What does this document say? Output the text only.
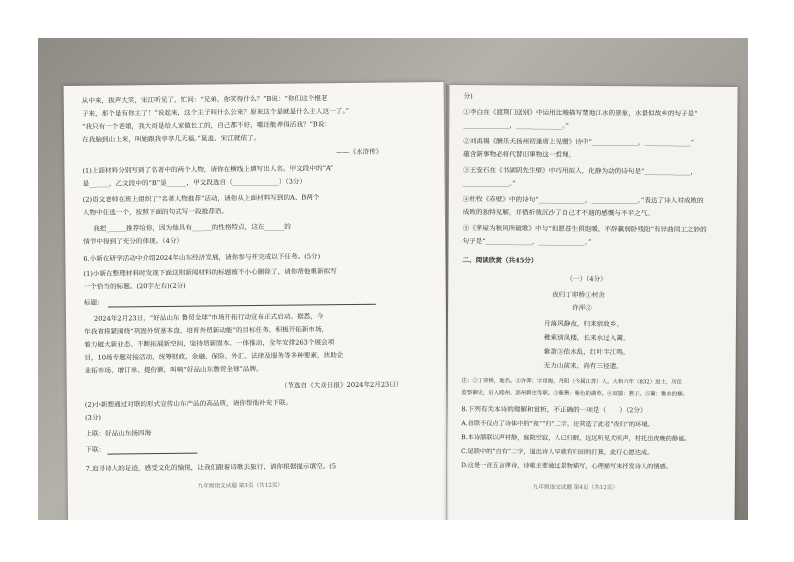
从中来，拔声大笑，宋江听见了，忙问：“兄弟，你笑得什么？”B说：“你们这个棍老
子来，那个是有你主了！”说起来，这个主子叫什么公来？原来这个是就是什么主人这一了。”
“我只有一个老娘，我大哥是给人家做长工的，自己都不好，哪还能养得活我？”B说：
在我脑到山上来，叫她跟我享享几天福。”晁盖、宋江就依了。
——《水浒传》
(1)上面材料分别写到了名著中的两个人物，请你在横线上填写出人名。甲文段中的“A”
是______，乙文段中的“B”是______，甲文段选自（______________）（3分）
(2)语文老师在班上组织了“名著人物推荐”活动，请你从上面材料写到的A、B两个
人物中任选一个，按照下面的句式写一段推荐语。
我把______推荐给你，因为他具有______的性格特点，这在______的
情节中得到了充分的体现。（4分）
6.小新在研学活动中介绍2024年山东经济发展，请你参与并完成以下任务。(5分)
(1)小新在整理材料时发现下面这则新闻材料的标题被不小心删除了，请你帮他重新拟写
一个恰当的标题。(20字左右)(2分)
标题：
2024年2月23日，“好品山东 鲁贸全球”市场开拓行动宣布正式启动。据悉，今
年我省将紧围绕“巩固外贸基本盘、培育外贸新动能”的目标任务，积极开拓新市场，
着力破大新业态、不断拓展新空间，坚持培新固本、一体推动，全年安排263个展会项
目，10场专题对接活动，统筹财政、金融、保险、外汇、法律及服务等多种要素，扶助企
业拓市场、增订单、提份额，叫响“好品山东鲁贸全球”品牌。
（节选自《大众日报》2024年2月23日）
(2)小新想通过对联的形式宣传山东产品的高品质，请你帮他补充下联。
(3分)
上联：好品山东扬四海
下联：
7.追寻诗人的足迹，感受文化的愉悦，让我们跟着诗歌去旅行，请你根据提示填空。(5
九年级语文试题 第3页（共12页）
分)
①李白在《渡荆门送别》中运用比喻描写楚地江水的景象，水景似故乡的句子是“
______________，______________。”
②刘禹锡《酬乐天扬州初逢席上见赠》诗中“______________，______________”
蕴含新事物必将代替旧事物这一哲理。
③王安石在《书湖阴先生壁》中巧用拟人，化静为动的诗句是“______________，
______________。”
④杜牧《赤壁》中的诗句“______________，______________。”表达了诗人对成败的
成败的独特见解，并借折戟沉沙了自己才不遇的感慨与不平之气。
⑤《茅屋为秋风所破歌》中与“但愿苍生俱饱暖，不辞羸弱卧残阳”有异曲同工之妙的
句子是“______________，______________。”
二、阅读欣赏（共45分）
（一）（4分）
夜归丁卯桥①村舍
许浑②
月落风静夜，归来宿故乡。
稚乘别凤楼，长来水过入篱。
紫萧③依水乱，红叶半江鸣。
无力山前来，尚有三径遗。
注：①丁卯桥，地名。②许浑：字用晦，丹阳（今属江苏）人。大和六年（832）进士，历任
监察御史，后入睦州、郢州刺史等职。③紫萧：紫色的湖草。④双翦：燕子。⑤篱：稚水的柳。
8.下列有关本诗的理解和赏析，不正确的一项是（　　）（2分）
A.首联不仅点了诗体中的“夜”“归”二字，还营造了此者“夜归”的环境。
B.本诗颔联以声衬静，庭院空寂，人已归眠，远远听见犬吠声，村托出夜晚的静谧。
C.尾联中的“自有”二字，道出诗人早就有归田的打算，此行心愿达成。
D.这是一首五言律诗，诗歌主要通过景物描写，心理描写来抒发诗人的情感。
九年级语文试题 第4页（共12页）
